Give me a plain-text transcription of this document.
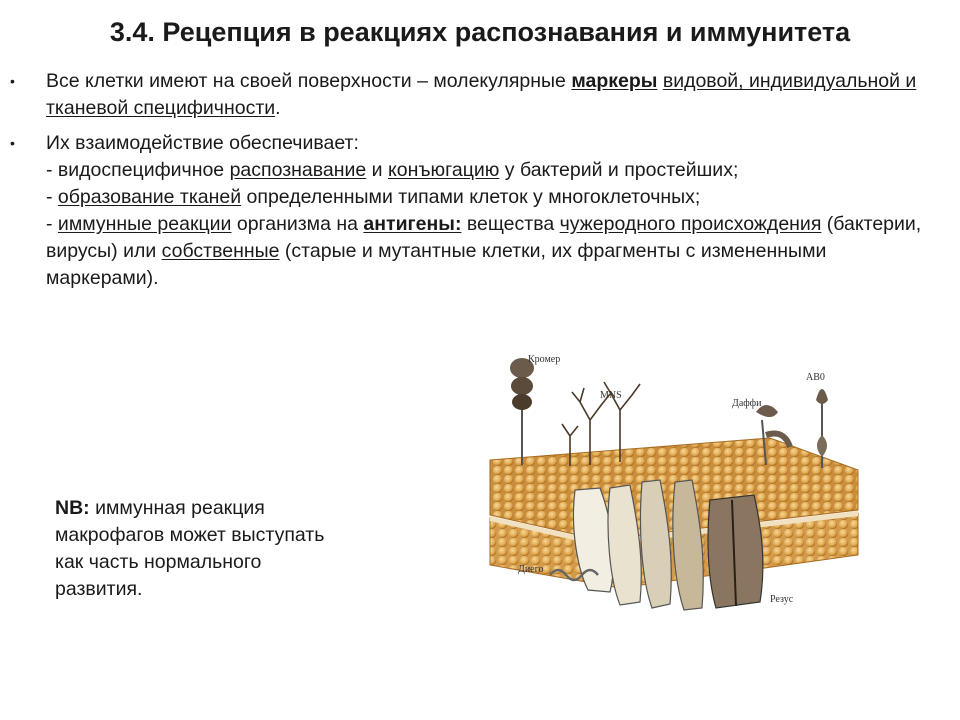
3.4. Рецепция в реакциях распознавания и иммунитета
• Все клетки имеют на своей поверхности – молекулярные маркеры видовой, индивидуальной и тканевой специфичности.
• Их взаимодействие обеспечивает:
- видоспецифичное распознавание и конъюгацию у бактерий и простейших;
- образование тканей определенными типами клеток у многоклеточных;
- иммунные реакции организма на антигены: вещества чужеродного происхождения (бактерии, вирусы) или собственные (старые и мутантные клетки, их фрагменты с измененными маркерами).
NB: иммунная реакция макрофагов может выступать как часть нормального развития.
Кромер
MNS
Даффи
АВ0
Диего
Резус
